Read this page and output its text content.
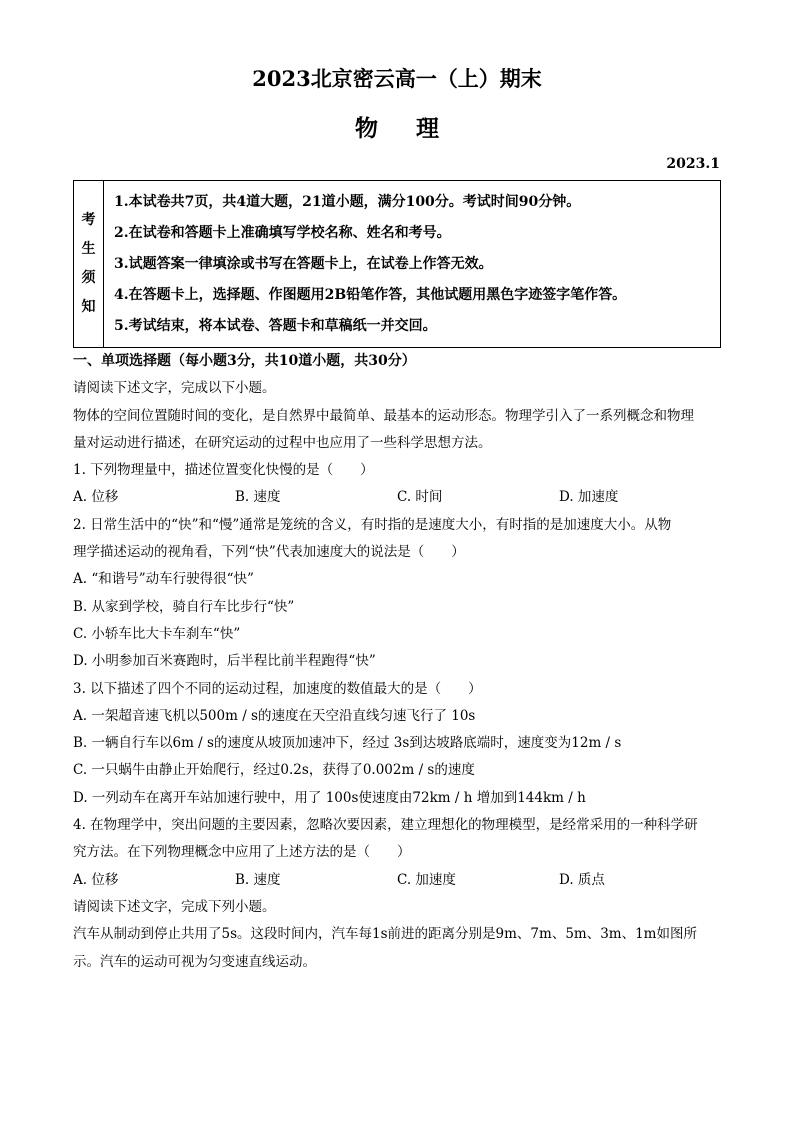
2023北京密云高一（上）期末
物理
2023.1
考
生
须
知
1.本试卷共7页，共4道大题，21道小题，满分100分。考试时间90分钟。
2.在试卷和答题卡上准确填写学校名称、姓名和考号。
3.试题答案一律填涂或书写在答题卡上，在试卷上作答无效。
4.在答题卡上，选择题、作图题用2B铅笔作答，其他试题用黑色字迹签字笔作答。
5.考试结束，将本试卷、答题卡和草稿纸一并交回。
一、单项选择题（每小题3分，共10道小题，共30分）
请阅读下述文字，完成以下小题。
物体的空间位置随时间的变化，是自然界中最简单、最基本的运动形态。物理学引入了一系列概念和物理
量对运动进行描述，在研究运动的过程中也应用了一些科学思想方法。
1. 下列物理量中，描述位置变化快慢的是（　　）
A. 位移	B. 速度	C. 时间	D. 加速度
2. 日常生活中的“快”和“慢”通常是笼统的含义，有时指的是速度大小，有时指的是加速度大小。从物
理学描述运动的视角看，下列“快”代表加速度大的说法是（　　）
A. “和谐号”动车行驶得很“快”
B. 从家到学校，骑自行车比步行“快”
C. 小轿车比大卡车刹车“快”
D. 小明参加百米赛跑时，后半程比前半程跑得“快”
3. 以下描述了四个不同的运动过程，加速度的数值最大的是（　　）
A. 一架超音速飞机以500m / s的速度在天空沿直线匀速飞行了 10s
B. 一辆自行车以6m / s的速度从坡顶加速冲下，经过 3s到达坡路底端时，速度变为12m / s
C. 一只蜗牛由静止开始爬行，经过0.2s，获得了0.002m / s的速度
D. 一列动车在离开车站加速行驶中，用了 100s使速度由72km / h 增加到144km / h
4. 在物理学中，突出问题的主要因素，忽略次要因素，建立理想化的物理模型，是经常采用的一种科学研
究方法。在下列物理概念中应用了上述方法的是（　　）
A. 位移	B. 速度	C. 加速度	D. 质点
请阅读下述文字，完成下列小题。
汽车从制动到停止共用了5s。这段时间内，汽车每1s前进的距离分别是9m、7m、5m、3m、1m如图所
示。汽车的运动可视为匀变速直线运动。
